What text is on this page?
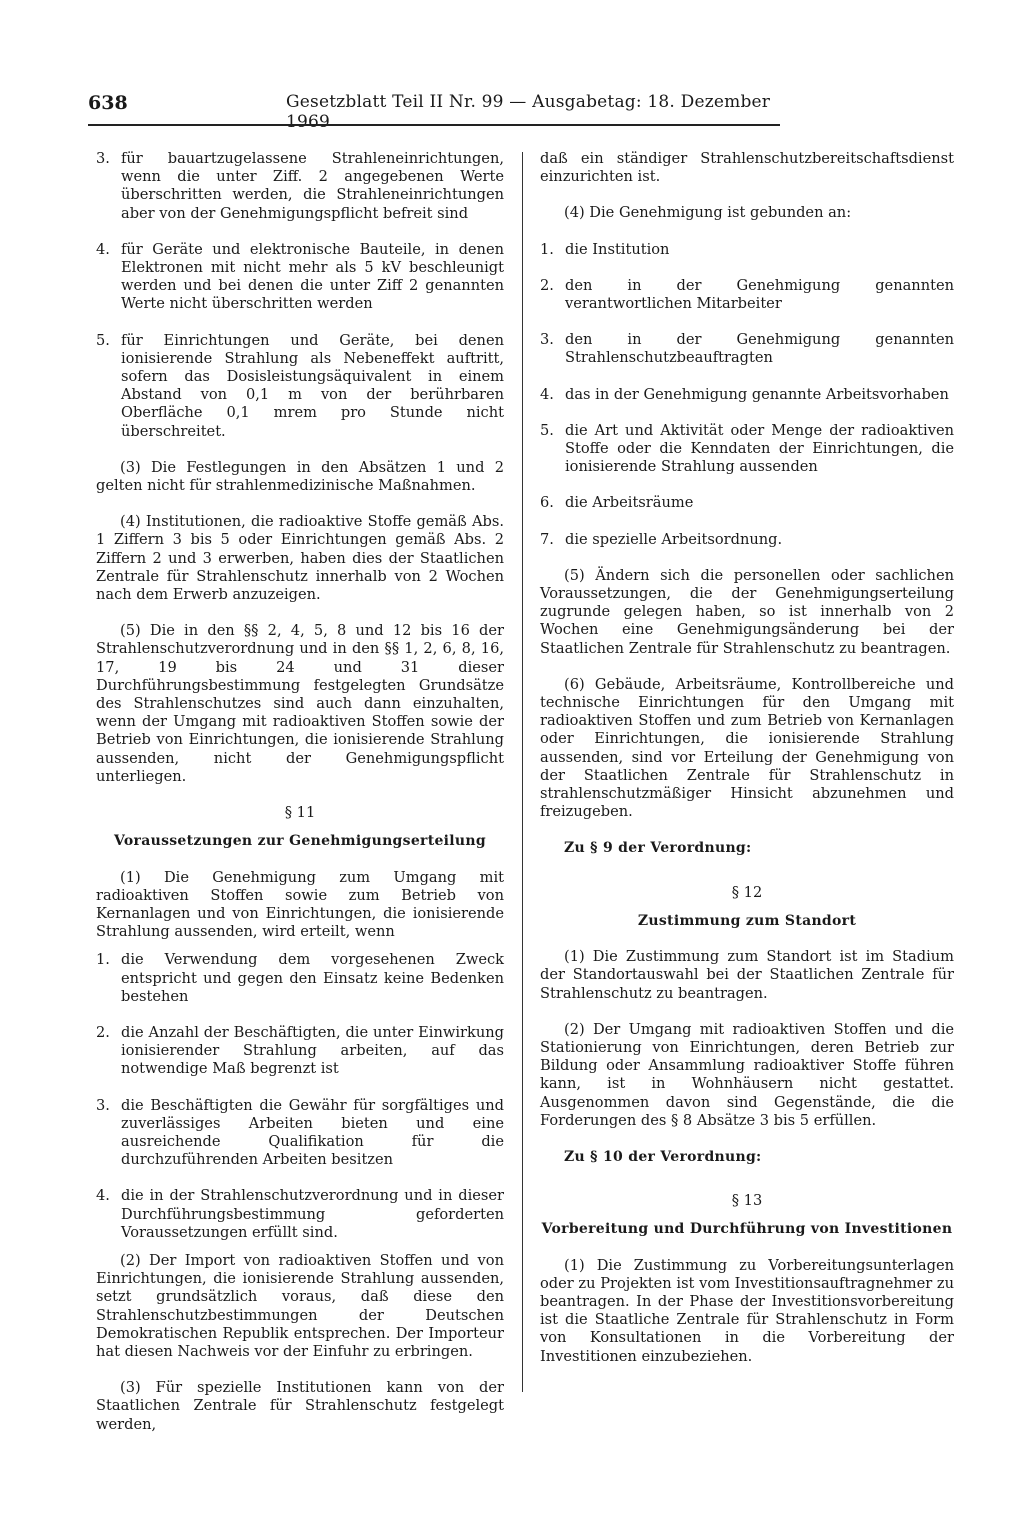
638	Gesetzblatt Teil II Nr. 99 — Ausgabetag: 18. Dezember 1969
3. für bauartzugelassene Strahleneinrichtungen, wenn die unter Ziff. 2 angegebenen Werte überschritten werden, die Strahleneinrichtungen aber von der Genehmigungspflicht befreit sind
4. für Geräte und elektronische Bauteile, in denen Elektronen mit nicht mehr als 5 kV beschleunigt werden und bei denen die unter Ziff 2 genannten Werte nicht überschritten werden
5. für Einrichtungen und Geräte, bei denen ionisierende Strahlung als Nebeneffekt auftritt, sofern das Dosisleistungsäquivalent in einem Abstand von 0,1 m von der berührbaren Oberfläche 0,1 mrem pro Stunde nicht überschreitet.

(3) Die Festlegungen in den Absätzen 1 und 2 gelten nicht für strahlenmedizinische Maßnahmen.

(4) Institutionen, die radioaktive Stoffe gemäß Abs. 1 Ziffern 3 bis 5 oder Einrichtungen gemäß Abs. 2 Ziffern 2 und 3 erwerben, haben dies der Staatlichen Zentrale für Strahlenschutz innerhalb von 2 Wochen nach dem Erwerb anzuzeigen.

(5) Die in den §§ 2, 4, 5, 8 und 12 bis 16 der Strahlenschutzverordnung und in den §§ 1, 2, 6, 8, 16, 17, 19 bis 24 und 31 dieser Durchführungsbestimmung festgelegten Grundsätze des Strahlenschutzes sind auch dann einzuhalten, wenn der Umgang mit radioaktiven Stoffen sowie der Betrieb von Einrichtungen, die ionisierende Strahlung aussenden, nicht der Genehmigungspflicht unterliegen.

§ 11
Voraussetzungen zur Genehmigungserteilung

(1) Die Genehmigung zum Umgang mit radioaktiven Stoffen sowie zum Betrieb von Kernanlagen und von Einrichtungen, die ionisierende Strahlung aussenden, wird erteilt, wenn

1. die Verwendung dem vorgesehenen Zweck entspricht und gegen den Einsatz keine Bedenken bestehen
2. die Anzahl der Beschäftigten, die unter Einwirkung ionisierender Strahlung arbeiten, auf das notwendige Maß begrenzt ist
3. die Beschäftigten die Gewähr für sorgfältiges und zuverlässiges Arbeiten bieten und eine ausreichende Qualifikation für die durchzuführenden Arbeiten besitzen
4. die in der Strahlenschutzverordnung und in dieser Durchführungsbestimmung geforderten Voraussetzungen erfüllt sind.

(2) Der Import von radioaktiven Stoffen und von Einrichtungen, die ionisierende Strahlung aussenden, setzt grundsätzlich voraus, daß diese den Strahlenschutzbestimmungen der Deutschen Demokratischen Republik entsprechen. Der Importeur hat diesen Nachweis vor der Einfuhr zu erbringen.

(3) Für spezielle Institutionen kann von der Staatlichen Zentrale für Strahlenschutz festgelegt werden,

daß ein ständiger Strahlenschutzbereitschaftsdienst einzurichten ist.

(4) Die Genehmigung ist gebunden an:

1. die Institution
2. den in der Genehmigung genannten verantwortlichen Mitarbeiter
3. den in der Genehmigung genannten Strahlenschutzbeauftragten
4. das in der Genehmigung genannte Arbeitsvorhaben
5. die Art und Aktivität oder Menge der radioaktiven Stoffe oder die Kenndaten der Einrichtungen, die ionisierende Strahlung aussenden
6. die Arbeitsräume
7. die spezielle Arbeitsordnung.

(5) Ändern sich die personellen oder sachlichen Voraussetzungen, die der Genehmigungserteilung zugrunde gelegen haben, so ist innerhalb von 2 Wochen eine Genehmigungsänderung bei der Staatlichen Zentrale für Strahlenschutz zu beantragen.

(6) Gebäude, Arbeitsräume, Kontrollbereiche und technische Einrichtungen für den Umgang mit radioaktiven Stoffen und zum Betrieb von Kernanlagen oder Einrichtungen, die ionisierende Strahlung aussenden, sind vor Erteilung der Genehmigung von der Staatlichen Zentrale für Strahlenschutz in strahlenschutzmäßiger Hinsicht abzunehmen und freizugeben.

Zu § 9 der Verordnung:
§ 12
Zustimmung zum Standort

(1) Die Zustimmung zum Standort ist im Stadium der Standortauswahl bei der Staatlichen Zentrale für Strahlenschutz zu beantragen.

(2) Der Umgang mit radioaktiven Stoffen und die Stationierung von Einrichtungen, deren Betrieb zur Bildung oder Ansammlung radioaktiver Stoffe führen kann, ist in Wohnhäusern nicht gestattet. Ausgenommen davon sind Gegenstände, die die Forderungen des § 8 Absätze 3 bis 5 erfüllen.

Zu § 10 der Verordnung:
§ 13
Vorbereitung und Durchführung von Investitionen

(1) Die Zustimmung zu Vorbereitungsunterlagen oder zu Projekten ist vom Investitionsauftragnehmer zu beantragen. In der Phase der Investitionsvorbereitung ist die Staatliche Zentrale für Strahlenschutz in Form von Konsultationen in die Vorbereitung der Investitionen einzubeziehen.
